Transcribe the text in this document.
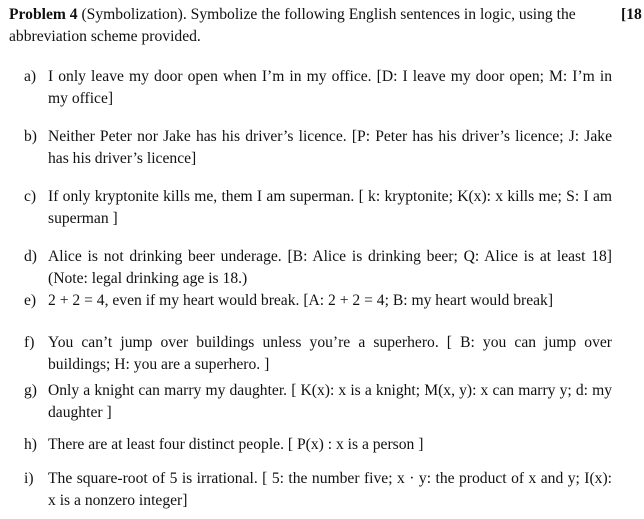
Problem 4 (Symbolization). Symbolize the following English sentences in logic, using the abbreviation scheme provided.
[18
a) I only leave my door open when I’m in my office. [D: I leave my door open; M: I’m in my office]
b) Neither Peter nor Jake has his driver’s licence. [P: Peter has his driver’s licence; J: Jake has his driver’s licence]
c) If only kryptonite kills me, them I am superman. [ k: kryptonite; K(x): x kills me; S: I am superman ]
d) Alice is not drinking beer underage. [B: Alice is drinking beer; Q: Alice is at least 18] (Note: legal drinking age is 18.)
e) 2 + 2 = 4, even if my heart would break. [A: 2 + 2 = 4; B: my heart would break]
f) You can’t jump over buildings unless you’re a superhero. [ B: you can jump over buildings; H: you are a superhero. ]
g) Only a knight can marry my daughter. [ K(x): x is a knight; M(x, y): x can marry y; d: my daughter ]
h) There are at least four distinct people. [ P(x) : x is a person ]
i) The square-root of 5 is irrational. [ 5: the number five; x · y: the product of x and y; I(x): x is a nonzero integer]
